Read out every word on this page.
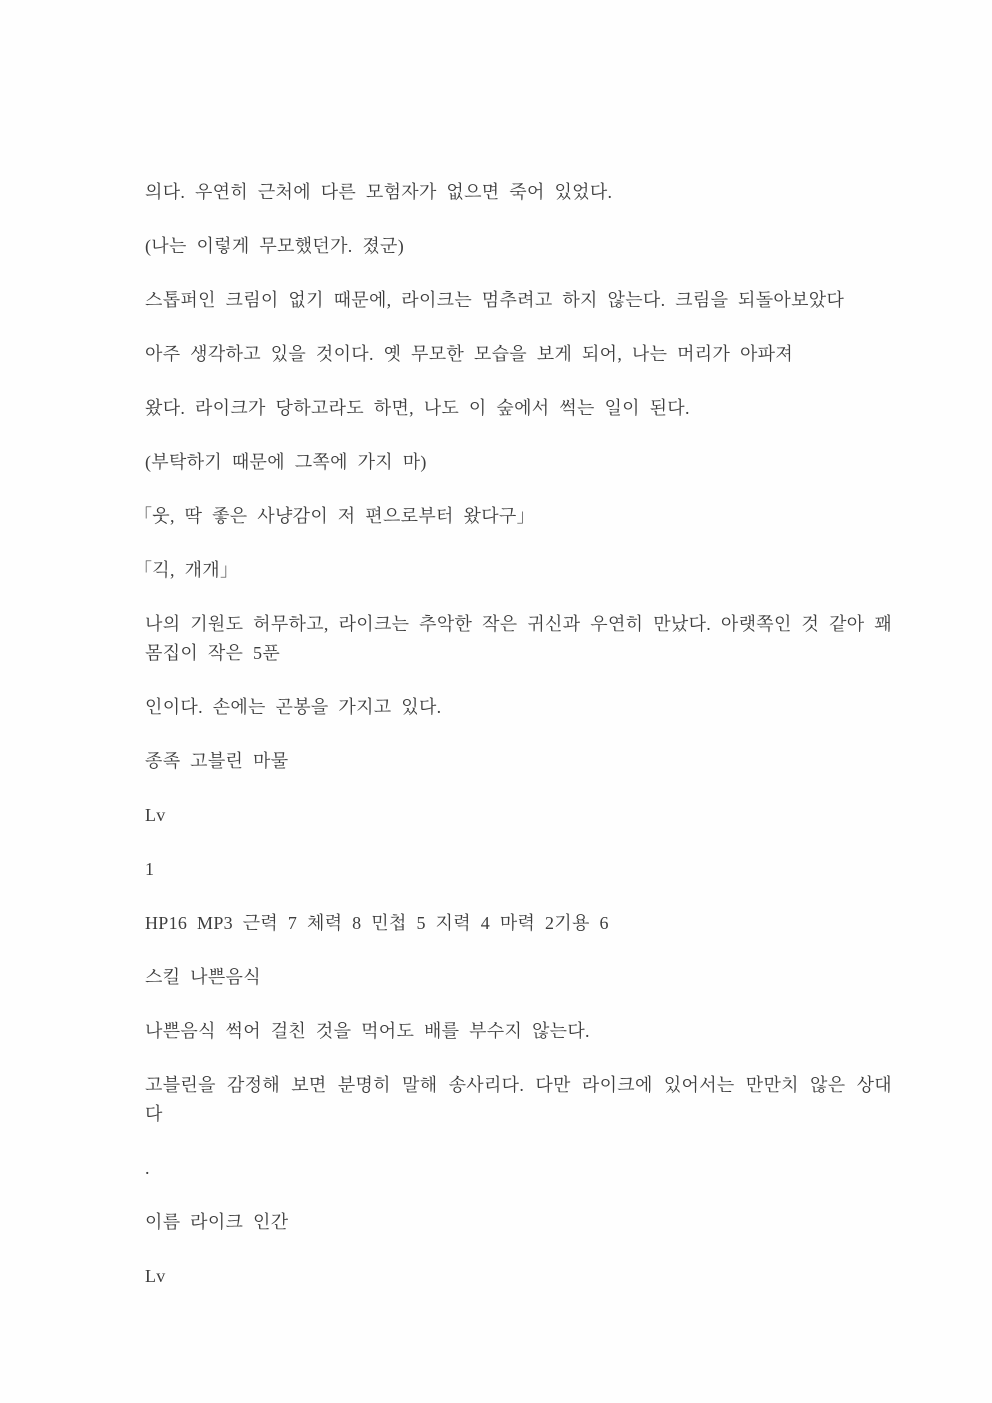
의다. 우연히 근처에 다른 모험자가 없으면 죽어 있었다.

(나는 이렇게 무모했던가. 졌군)

스톱퍼인 크림이 없기 때문에, 라이크는 멈추려고 하지 않는다. 크림을 되돌아보았다

아주 생각하고 있을 것이다. 옛 무모한 모습을 보게 되어, 나는 머리가 아파져

왔다. 라이크가 당하고라도 하면, 나도 이 숲에서 썩는 일이 된다.

(부탁하기 때문에 그쪽에 가지 마)

「웃, 딱 좋은 사냥감이 저 편으로부터 왔다구」

「긱, 개개」

나의 기원도 허무하고, 라이크는 추악한 작은 귀신과 우연히 만났다. 아랫쪽인 것 같아 꽤 몸집이 작은 5푼

인이다. 손에는 곤봉을 가지고 있다.

종족 고블린 마물

Lv

1

HP16 MP3 근력 7 체력 8 민첩 5 지력 4 마력 2기용 6

스킬 나쁜음식

나쁜음식 썩어 걸친 것을 먹어도 배를 부수지 않는다.

고블린을 감정해 보면 분명히 말해 송사리다. 다만 라이크에 있어서는 만만치 않은 상대다

.

이름 라이크 인간

Lv
